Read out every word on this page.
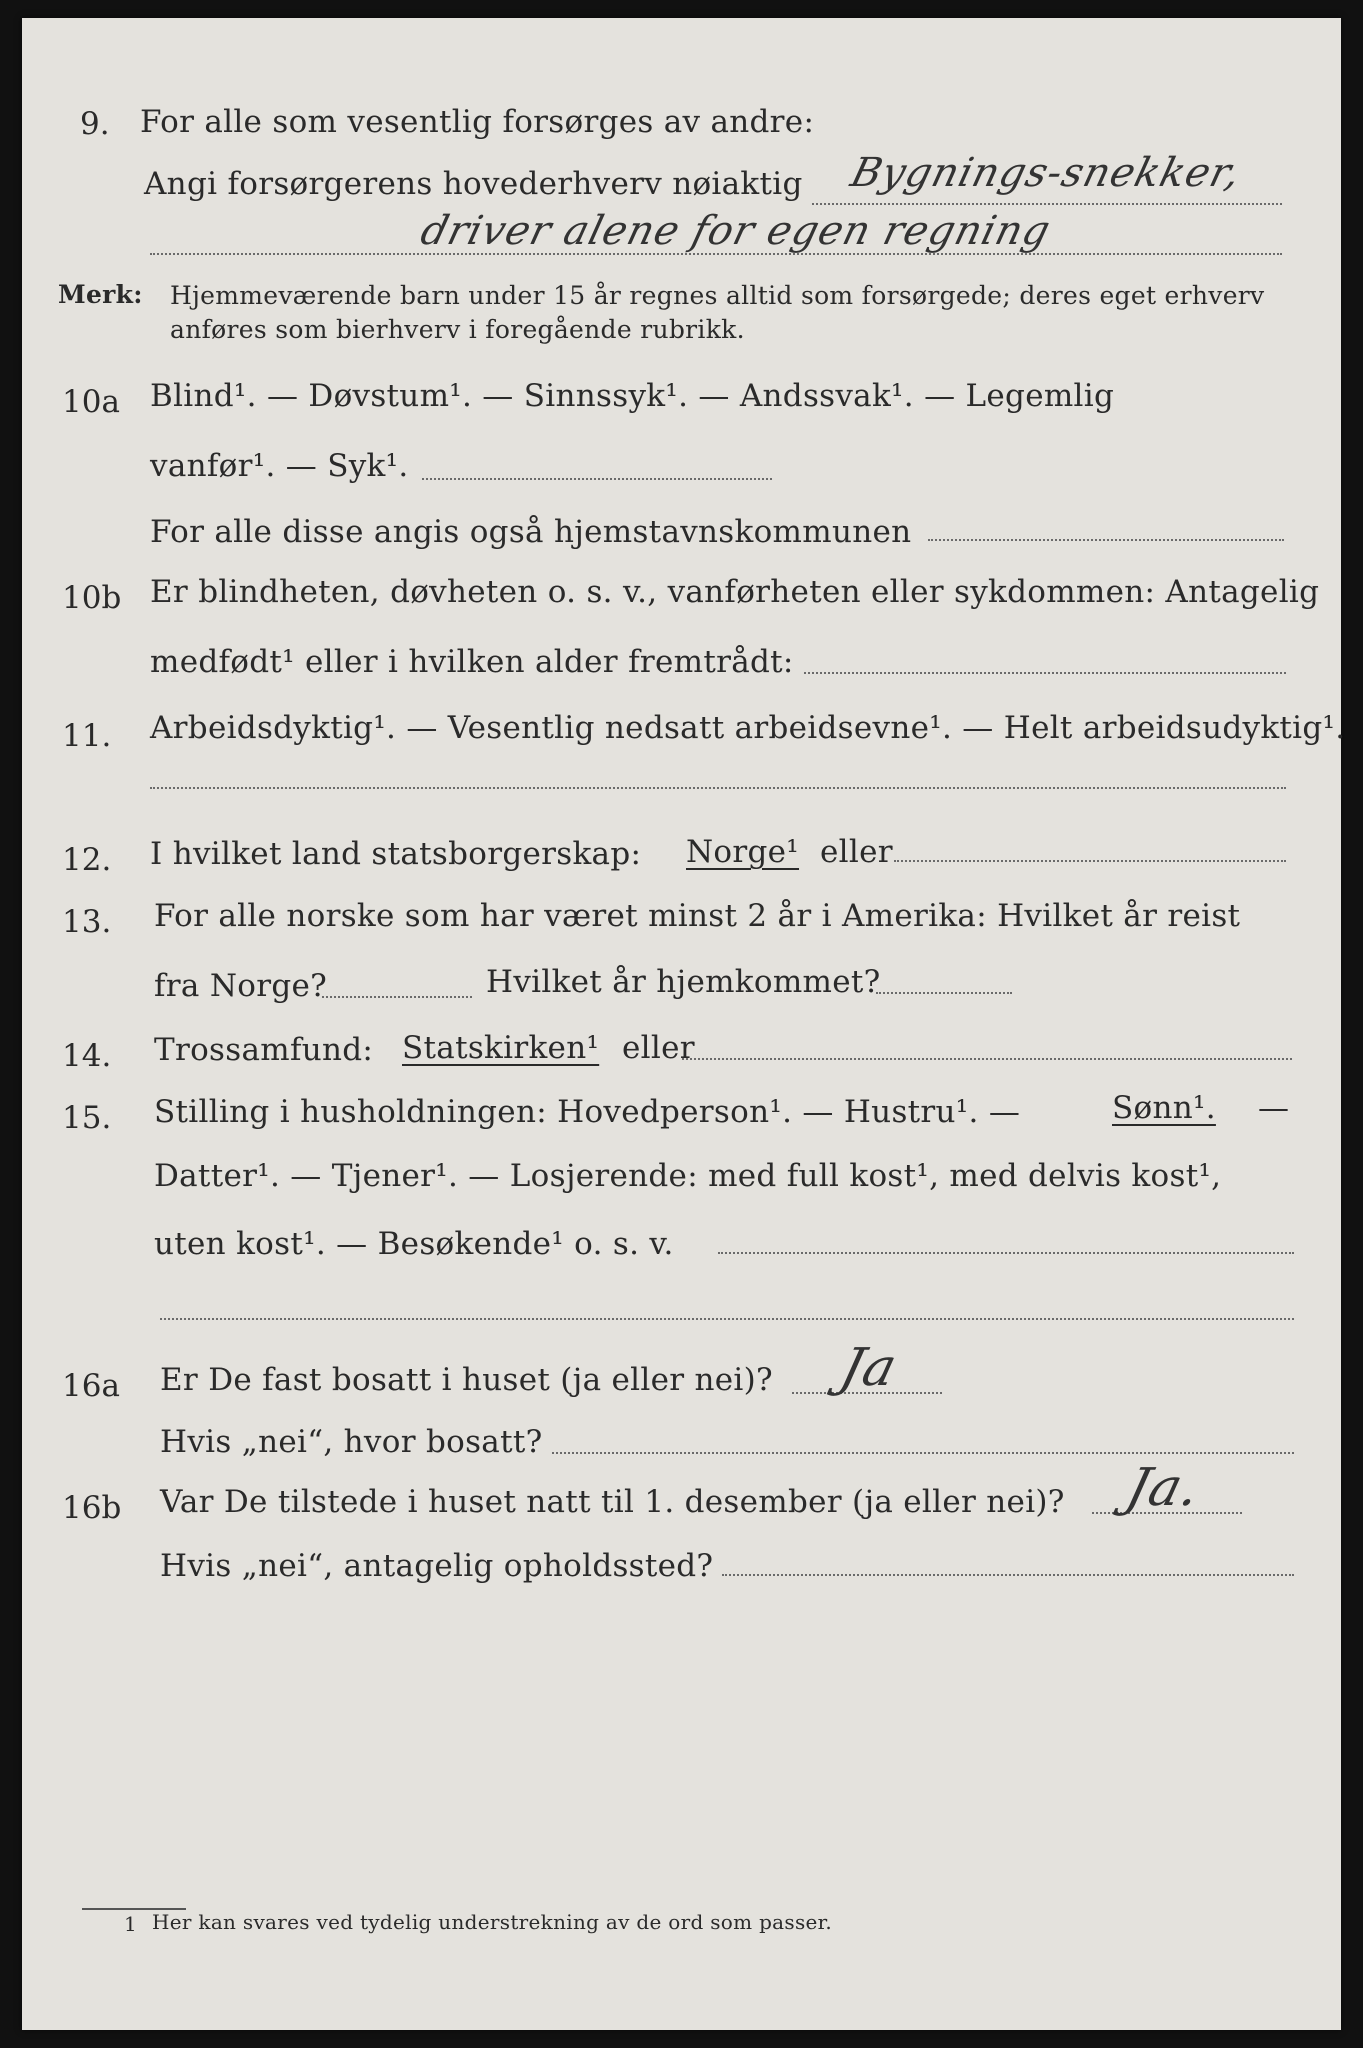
9. For alle som vesentlig forsørges av andre:
Angi forsørgerens hovederhverv nøiaktig Bygnings-snekker,
driver alene for egen regning
Merk: Hjemmeværende barn under 15 år regnes alltid som forsørgede; deres eget erhverv
anføres som bierhverv i foregående rubrikk.
10a Blind¹. — Døvstum¹. — Sinnssyk¹. — Andssvak¹. — Legemlig
vanfør¹. — Syk¹.
For alle disse angis også hjemstavnskommunen
10b Er blindheten, døvheten o. s. v., vanførheten eller sykdommen: Antagelig
medfødt¹ eller i hvilken alder fremtrådt:
11. Arbeidsdyktig¹. — Vesentlig nedsatt arbeidsevne¹. — Helt arbeidsudyktig¹.
12. I hvilket land statsborgerskap: Norge¹ eller
13. For alle norske som har været minst 2 år i Amerika: Hvilket år reist
fra Norge?	Hvilket år hjemkommet?
14. Trossamfund: Statskirken¹ eller
15. Stilling i husholdningen: Hovedperson¹. — Hustru¹. —	Sønn¹. —
Datter¹. — Tjener¹. — Losjerende: med full kost¹, med delvis kost¹,
uten kost¹. — Besøkende¹ o. s. v.
16a Er De fast bosatt i huset (ja eller nei)? Ja
Hvis „nei“, hvor bosatt?
16b Var De tilstede i huset natt til 1. desember (ja eller nei)? Ja.
Hvis „nei“, antagelig opholdssted?
1 Her kan svares ved tydelig understrekning av de ord som passer.
